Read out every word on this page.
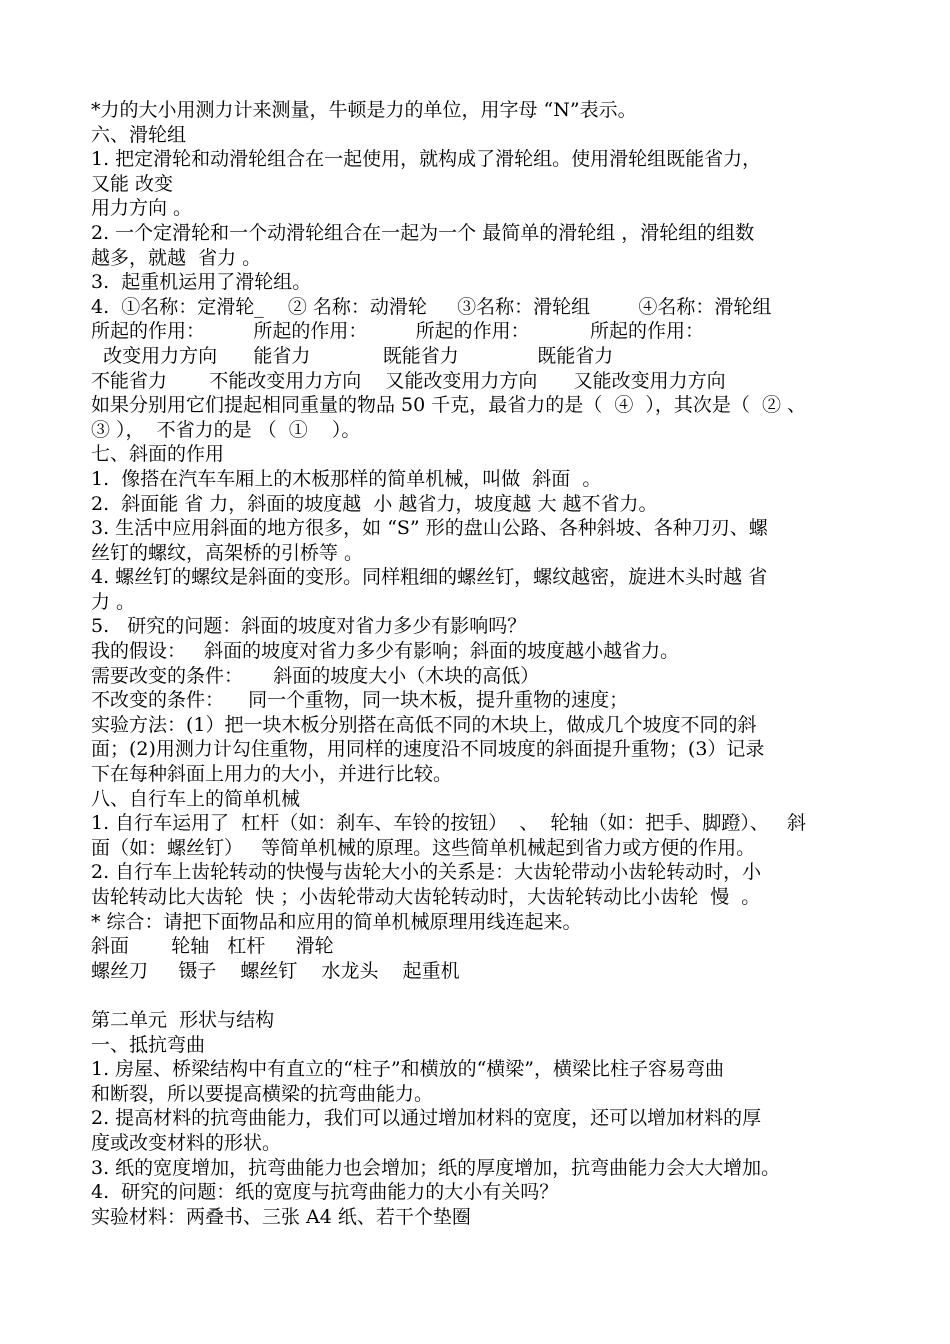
*力的大小用测力计来测量，牛顿是力的单位，用字母 “N”表示。

六、滑轮组

1. 把定滑轮和动滑轮组合在一起使用，就构成了滑轮组。使用滑轮组既能省力，

又能 改变

用力方向 。

2. 一个定滑轮和一个动滑轮组合在一起为一个 最简单的滑轮组 ，滑轮组的组数

越多，就越  省力 。

3.  起重机运用了滑轮组。

4.  ①名称：定滑轮_    ② 名称：动滑轮     ③名称：滑轮组        ④名称：滑轮组

所起的作用：        所起的作用：        所起的作用：          所起的作用：

改变用力方向      能省力            既能省力             既能省力

不能省力       不能改变用力方向    又能改变用力方向      又能改变用力方向

如果分别用它们提起相同重量的物品 50 千克，最省力的是（  ④  ），其次是（  ② 、

③ ），  不省力的是 （  ①    ）。

七、斜面的作用

1.  像搭在汽车车厢上的木板那样的简单机械，叫做  斜面  。

2.  斜面能 省 力，斜面的坡度越  小 越省力，坡度越 大 越不省力。

3. 生活中应用斜面的地方很多，如 “S” 形的盘山公路、各种斜坡、各种刀刃、螺

丝钉的螺纹，高架桥的引桥等 。

4. 螺丝钉的螺纹是斜面的变形。同样粗细的螺丝钉，螺纹越密，旋进木头时越 省

力 。

5.   研究的问题：斜面的坡度对省力多少有影响吗？

我的假设：   斜面的坡度对省力多少有影响；斜面的坡度越小越省力。

需要改变的条件：     斜面的坡度大小（木块的高低）

不改变的条件：    同一个重物，同一块木板，提升重物的速度；

实验方法：(1）把一块木板分别搭在高低不同的木块上，做成几个坡度不同的斜

面；(2)用测力计勾住重物，用同样的速度沿不同坡度的斜面提升重物；(3）记录

下在每种斜面上用力的大小，并进行比较。

八、自行车上的简单机械

1. 自行车运用了  杠杆（如：刹车、车铃的按钮）  、  轮轴（如：把手、脚蹬）、   斜

面（如：螺丝钉）   等简单机械的原理。这些简单机械起到省力或方便的作用。

2. 自行车上齿轮转动的快慢与齿轮大小的关系是：大齿轮带动小齿轮转动时，小

齿轮转动比大齿轮  快 ；小齿轮带动大齿轮转动时，大齿轮转动比小齿轮  慢  。

* 综合：请把下面物品和应用的简单机械原理用线连起来。

斜面       轮轴   杠杆     滑轮

螺丝刀     镊子    螺丝钉    水龙头    起重机

第二单元  形状与结构

一、抵抗弯曲

1. 房屋、桥梁结构中有直立的“柱子”和横放的“横梁”，横梁比柱子容易弯曲

和断裂，所以要提高横梁的抗弯曲能力。

2. 提高材料的抗弯曲能力，我们可以通过增加材料的宽度，还可以增加材料的厚

度或改变材料的形状。

3. 纸的宽度增加，抗弯曲能力也会增加；纸的厚度增加，抗弯曲能力会大大增加。

4.  研究的问题：纸的宽度与抗弯曲能力的大小有关吗？

实验材料：两叠书、三张 A4 纸、若干个垫圈
